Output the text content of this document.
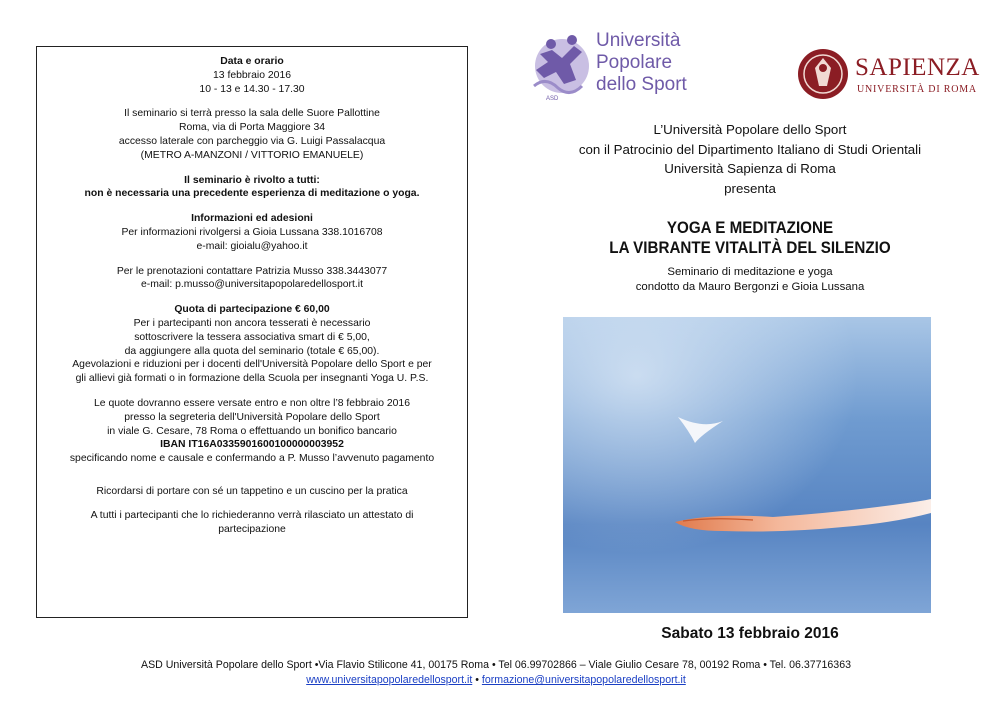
Data e orario

13 febbraio 2016

10 - 13 e 14.30 - 17.30

Il seminario si terrà presso la sala delle Suore Pallottine

Roma, via di Porta Maggiore 34

accesso laterale con parcheggio via G. Luigi Passalacqua

(METRO A-MANZONI / VITTORIO EMANUELE)

Il seminario è rivolto a tutti:

non è necessaria una precedente esperienza di meditazione o yoga.

Informazioni ed adesioni

Per informazioni rivolgersi a Gioia Lussana 338.1016708

e-mail: gioialu@yahoo.it

Per le prenotazioni contattare Patrizia Musso 338.3443077

e-mail: p.musso@universitapopolaredellosport.it

Quota di partecipazione € 60,00

Per i partecipanti non ancora tesserati è necessario

sottoscrivere la tessera associativa smart di € 5,00,

da aggiungere alla quota del seminario (totale € 65,00).

Agevolazioni e riduzioni per i docenti dell'Università Popolare dello Sport e per

gli allievi già formati o in formazione della Scuola per insegnanti Yoga U. P.S.

Le quote dovranno essere versate entro e non oltre l’8 febbraio 2016

presso la segreteria dell'Università Popolare dello Sport

in viale G. Cesare, 78 Roma o effettuando un bonifico bancario

IBAN IT16A0335901600100000003952

specificando nome e causale e confermando a P. Musso l’avvenuto pagamento

Ricordarsi di portare con sé un tappetino e un cuscino per la pratica

A tutti i partecipanti che lo richiederanno verrà rilasciato un attestato di

partecipazione

ASD
Università
Popolare
dello Sport
SAPIENZA
UNIVERSITÀ DI ROMA

L’Università Popolare dello Sport

con il Patrocinio del Dipartimento Italiano di Studi Orientali

Università Sapienza di Roma

presenta

YOGA E MEDITAZIONE
LA VIBRANTE VITALITÀ DEL SILENZIO

Seminario di meditazione e yoga

condotto da Mauro Bergonzi e Gioia Lussana

Sabato 13 febbraio 2016
ASD Università Popolare dello Sport •Via Flavio Stilicone 41, 00175 Roma • Tel 06.99702866 – Viale Giulio Cesare 78, 00192 Roma • Tel. 06.37716363
www.universitapopolaredellosport.it • formazione@universitapopolaredellosport.it
